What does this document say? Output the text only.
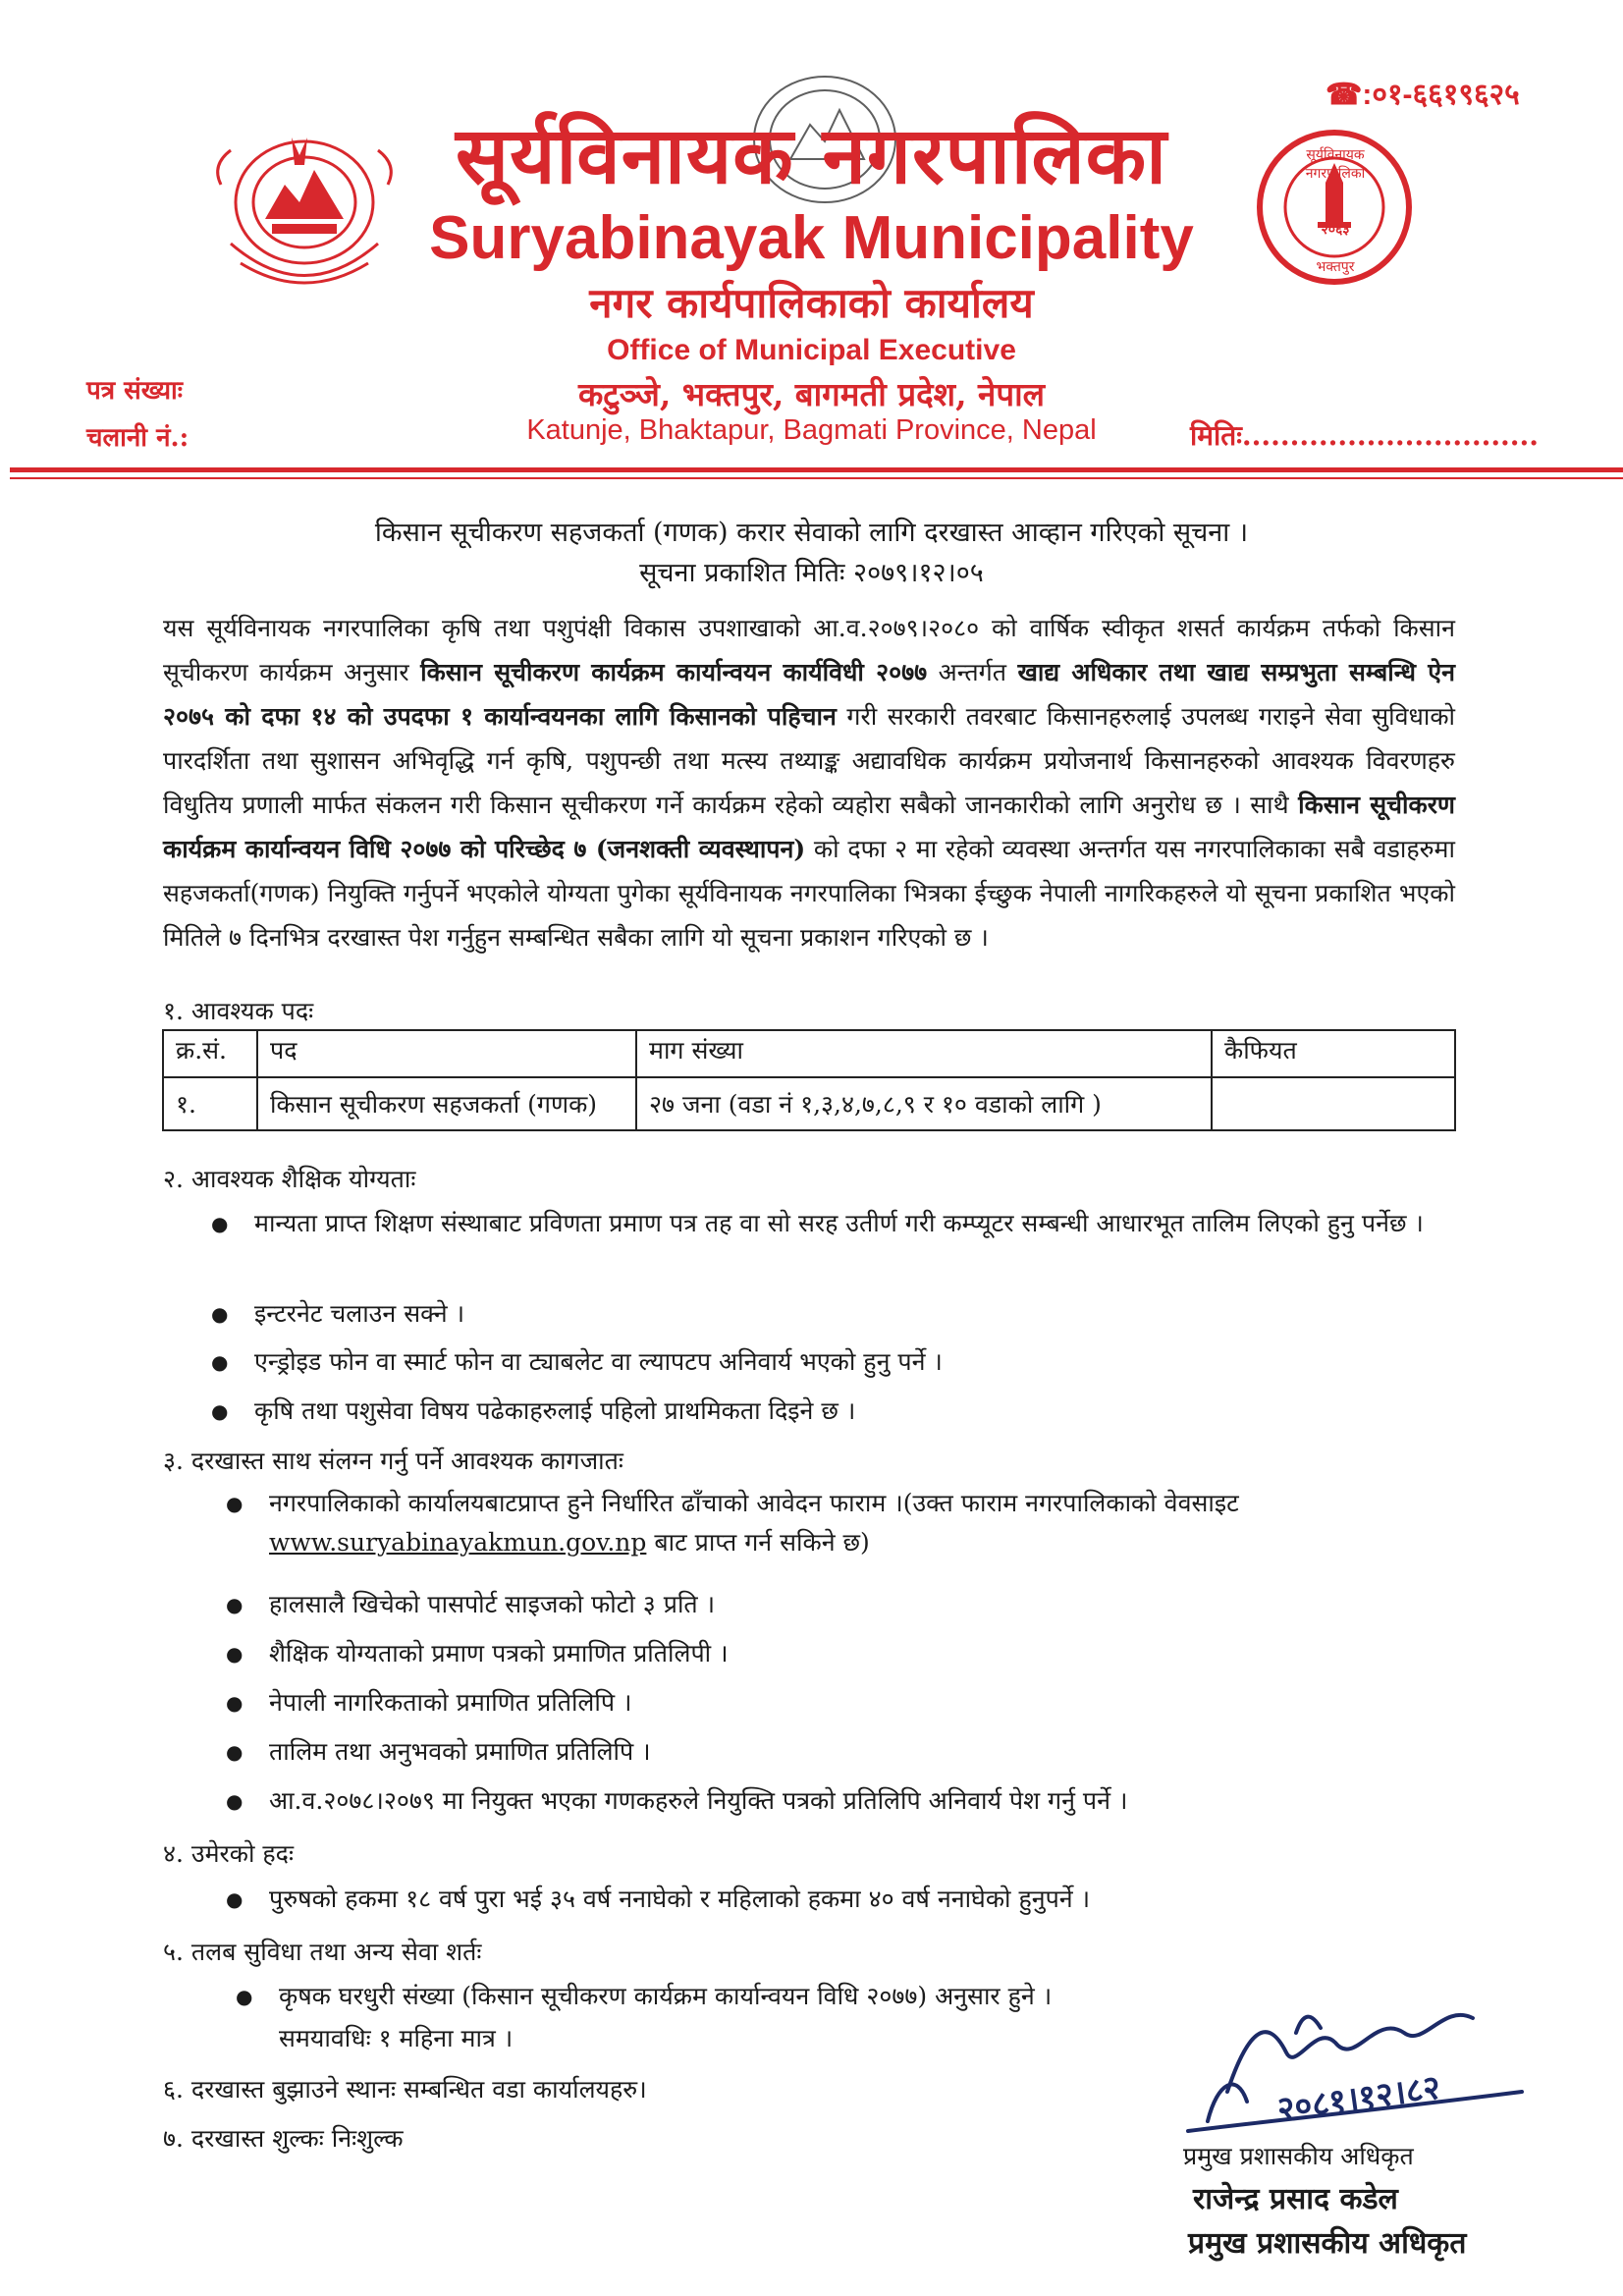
☎:०१-६६१९६२५
सूर्यविनायक नगरपालिका
२०६३
भक्तपुर
सूर्यविनायक नगरपालिका
Suryabinayak Municipality
नगर कार्यपालिकाको कार्यालय
Office of Municipal Executive
कटुञ्जे, भक्तपुर, बागमती प्रदेश, नेपाल
Katunje, Bhaktapur, Bagmati Province, Nepal
पत्र संख्याः
चलानी नं.:	मितिः...............................
किसान सूचीकरण सहजकर्ता (गणक) करार सेवाको लागि दरखास्त आव्हान गरिएको सूचना ।
सूचना प्रकाशित मितिः २०७९।१२।०५
यस सूर्यविनायक नगरपालिका कृषि तथा पशुपंक्षी विकास उपशाखाको आ.व.२०७९।२०८० को वार्षिक स्वीकृत शसर्त कार्यक्रम तर्फको किसान सूचीकरण कार्यक्रम अनुसार किसान सूचीकरण कार्यक्रम कार्यान्वयन कार्यविधी २०७७ अन्तर्गत खाद्य अधिकार तथा खाद्य सम्प्रभुता सम्बन्धि ऐन २०७५ को दफा १४ को उपदफा १ कार्यान्वयनका लागि किसानको पहिचान गरी सरकारी तवरबाट किसानहरुलाई उपलब्ध गराइने सेवा सुविधाको पारदर्शिता तथा सुशासन अभिवृद्धि गर्न कृषि, पशुपन्छी तथा मत्स्य तथ्याङ्क अद्यावधिक कार्यक्रम प्रयोजनार्थ किसानहरुको आवश्यक विवरणहरु विधुतिय प्रणाली मार्फत संकलन गरी किसान सूचीकरण गर्ने कार्यक्रम रहेको व्यहोरा सबैको जानकारीको लागि अनुरोध छ । साथै किसान सूचीकरण कार्यक्रम कार्यान्वयन विधि २०७७ को परिच्छेद ७ (जनशक्ती व्यवस्थापन) को दफा २ मा रहेको व्यवस्था अन्तर्गत यस नगरपालिकाका सबै वडाहरुमा सहजकर्ता(गणक) नियुक्ति गर्नुपर्ने भएकोले योग्यता पुगेका सूर्यविनायक नगरपालिका भित्रका ईच्छुक नेपाली नागरिकहरुले यो सूचना प्रकाशित भएको मितिले ७ दिनभित्र दरखास्त पेश गर्नुहुन सम्बन्धित सबैका लागि यो सूचना प्रकाशन गरिएको छ ।
१. आवश्यक पदः
क्र.सं.	पद	माग संख्या	कैफियत
१.	किसान सूचीकरण सहजकर्ता (गणक)	२७ जना (वडा नं १,३,४,७,८,९ र १० वडाको लागि )	
२. आवश्यक शैक्षिक योग्यताः
●	मान्यता प्राप्त शिक्षण संस्थाबाट प्रविणता प्रमाण पत्र तह वा सो सरह उतीर्ण गरी कम्प्यूटर सम्बन्धी आधारभूत तालिम लिएको हुनु पर्नेछ ।
●	इन्टरनेट चलाउन सक्ने ।
●	एन्ड्रोइड फोन वा स्मार्ट फोन वा ट्याबलेट वा ल्यापटप अनिवार्य भएको हुनु पर्ने ।
●	कृषि तथा पशुसेवा विषय पढेकाहरुलाई पहिलो प्राथमिकता दिइने छ ।
३. दरखास्त साथ संलग्न गर्नु पर्ने आवश्यक कागजातः
●	नगरपालिकाको कार्यालयबाटप्राप्त हुने निर्धारित ढाँचाको आवेदन फाराम ।(उक्त फाराम नगरपालिकाको वेवसाइट
www.suryabinayakmun.gov.np बाट प्राप्त गर्न सकिने छ)
●	हालसालै खिचेको पासपोर्ट साइजको फोटो ३ प्रति ।
●	शैक्षिक योग्यताको प्रमाण पत्रको प्रमाणित प्रतिलिपी ।
●	नेपाली नागरिकताको प्रमाणित प्रतिलिपि ।
●	तालिम तथा अनुभवको प्रमाणित प्रतिलिपि ।
●	आ.व.२०७८।२०७९ मा नियुक्त भएका गणकहरुले नियुक्ति पत्रको प्रतिलिपि अनिवार्य पेश गर्नु पर्ने ।
४. उमेरको हदः
●	पुरुषको हकमा १८ वर्ष पुरा भई ३५ वर्ष ननाघेको र महिलाको हकमा ४० वर्ष ननाघेको हुनुपर्ने ।
५. तलब सुविधा तथा अन्य सेवा शर्तः
●	कृषक घरधुरी संख्या (किसान सूचीकरण कार्यक्रम कार्यान्वयन विधि २०७७) अनुसार हुने ।
समयावधिः १ महिना मात्र ।
६. दरखास्त बुझाउने स्थानः सम्बन्धित वडा कार्यालयहरु।
७. दरखास्त शुल्कः निःशुल्क
२०८१।१२।८२
प्रमुख प्रशासकीय अधिकृत
राजेन्द्र प्रसाद कडेल
प्रमुख प्रशासकीय अधिकृत
